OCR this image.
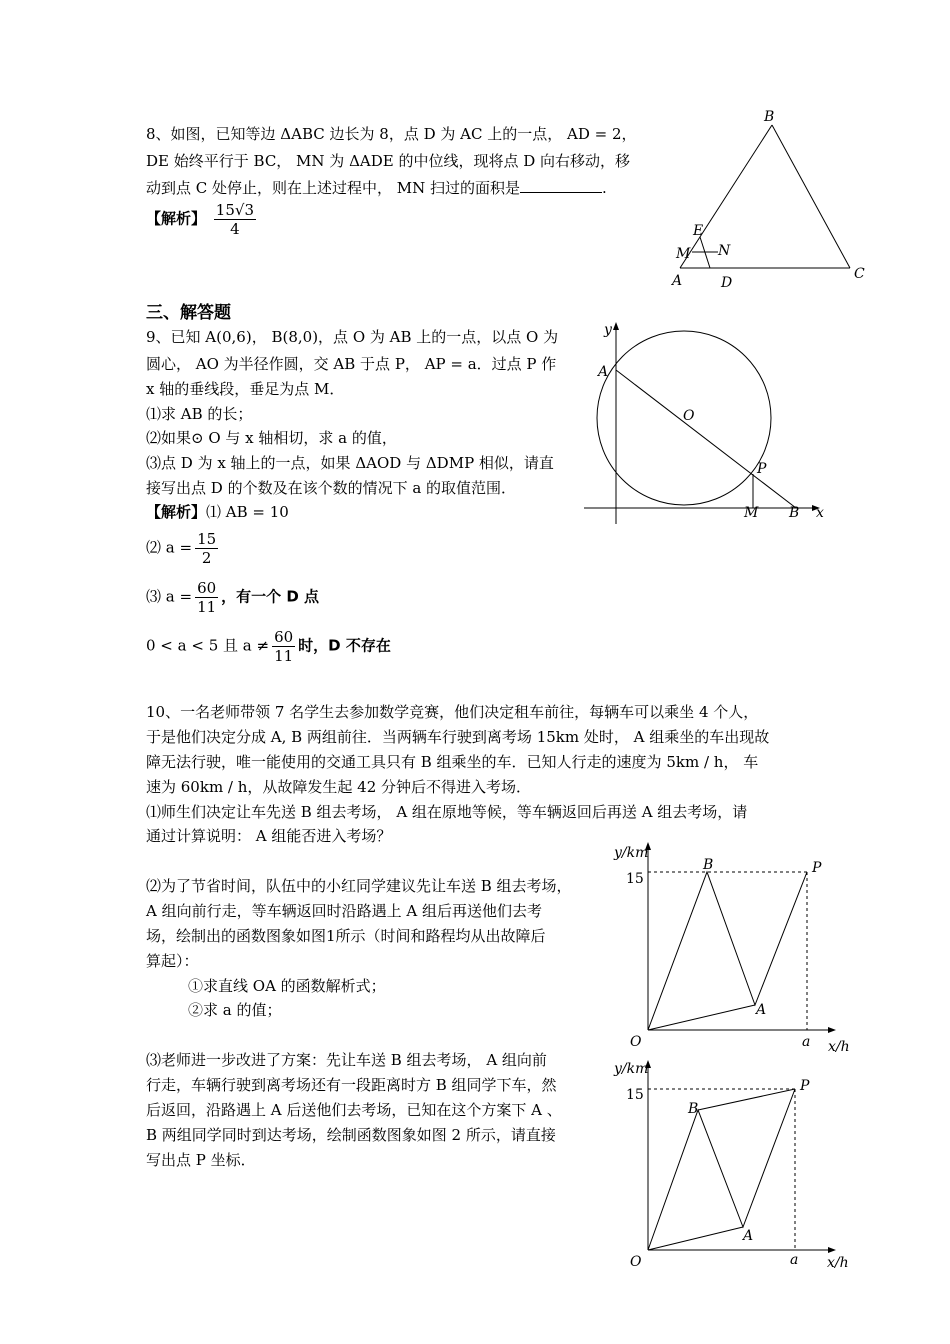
8、如图，已知等边 ΔABC 边长为 8，点 D 为 AC 上的一点， AD = 2，
DE 始终平行于 BC， MN 为 ΔADE 的中位线，现将点 D 向右移动，移
动到点 C 处停止，则在上述过程中， MN 扫过的面积是	.
【解析】 $\frac{15√3}{4}$
B
E
M N
A	D
C
三、解答题
9、已知 A(0,6)， B(8,0)，点 O 为 AB 上的一点，以点 O 为
圆心， AO 为半径作圆，交 AB 于点 P， AP = a．过点 P 作
x 轴的垂线段，垂足为点 M．
⑴求 AB 的长；
⑵如果⊙ O 与 x 轴相切，求 a 的值，
⑶点 D 为 x 轴上的一点，如果 ΔAOD 与 ΔDMP 相似，请直
接写出点 D 的个数及在该个数的情况下 a 的取值范围．
【解析】⑴ AB = 10
⑵ $a = \frac{15}{2}$
⑶ $a = \frac{60}{11}$ ，有一个 D 点
0 < a < 5 且 $a \ne \frac{60}{11}$ 时，D 不存在
y
A
O
P
M B x
10、一名老师带领 7 名学生去参加数学竞赛，他们决定租车前往，每辆车可以乘坐 4 个人，
于是他们决定分成 A, B 两组前往．当两辆车行驶到离考场 15km 处时， A 组乘坐的车出现故
障无法行驶，唯一能使用的交通工具只有 B 组乘坐的车．已知人行走的速度为 5km / h， 车
速为 60km / h，从故障发生起 42 分钟后不得进入考场．
⑴师生们决定让车先送 B 组去考场， A 组在原地等候，等车辆返回后再送 A 组去考场，请
通过计算说明： A 组能否进入考场？
⑵为了节省时间，队伍中的小红同学建议先让车送 B 组去考场，
A 组向前行走，等车辆返回时沿路遇上 A 组后再送他们去考
场，绘制出的函数图象如图1所示（时间和路程均从出故障后
算起）：
①求直线 OA 的函数解析式；
②求 a 的值；
⑶老师进一步改进了方案：先让车送 B 组去考场， A 组向前
行走，车辆行驶到离考场还有一段距离时方 B 组同学下车，然
后返回，沿路遇上 A 后送他们去考场，已知在这个方案下 A 、
B 两组同学同时到达考场，绘制函数图象如图 2 所示，请直接
写出点 P 坐标．
y/km
15
B	P
A
O	a x/h
y/km
15
B
P
A
O	a x/h
